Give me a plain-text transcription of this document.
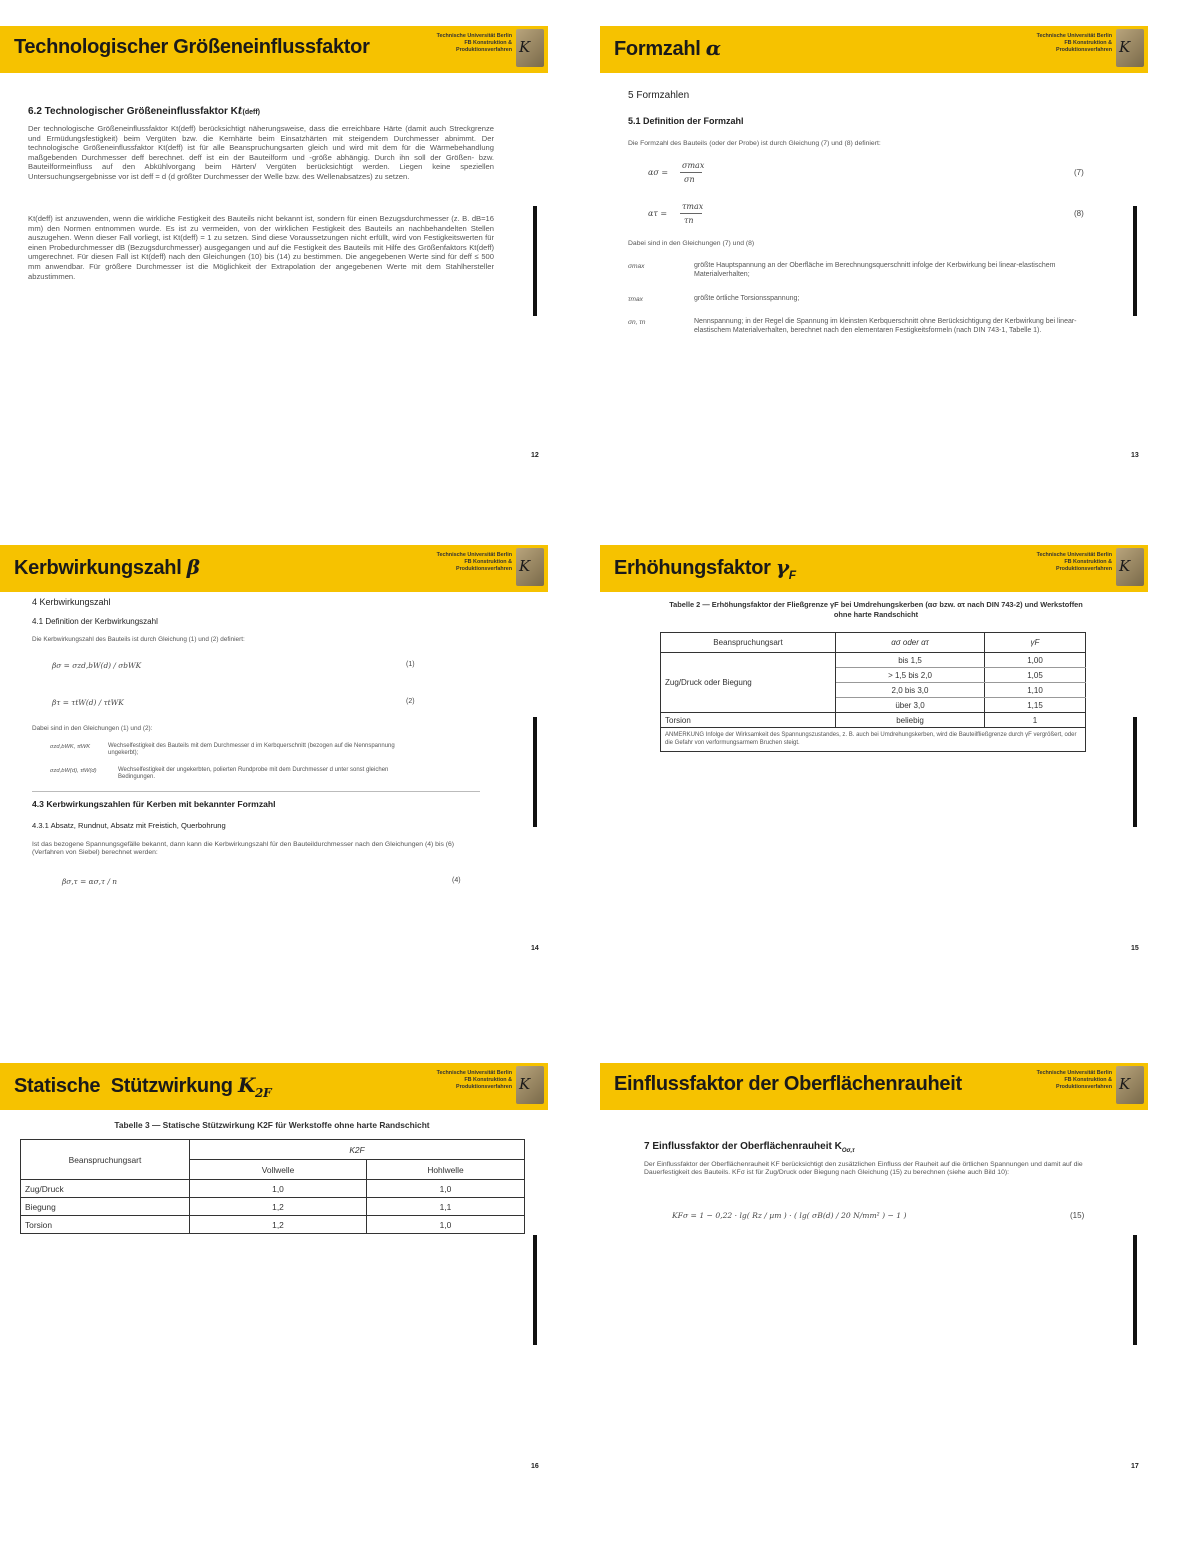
Technologischer Größeneinflussfaktor	Technische Universität Berlin
FB Konstruktion &
Produktionsverfahren K
6.2 Technologischer Größeneinflussfaktor Kt(deff)
Der technologische Größeneinflussfaktor Kt(deff) berücksichtigt näherungsweise, dass die erreichbare Härte (damit auch Streckgrenze und Ermüdungsfestigkeit) beim Vergüten bzw. die Kernhärte beim Einsatzhärten mit steigendem Durchmesser abnimmt. Der technologische Größeneinflussfaktor Kt(deff) ist für alle Beanspruchungsarten gleich und wird mit dem für die Wärmebehandlung maßgebenden Durchmesser deff berechnet. deff ist ein der Bauteilform und -größe abhängig. Durch ihn soll der Größen- bzw. Bauteilformeinfluss auf den Abkühlvorgang beim Härten/ Vergüten berücksichtigt werden. Liegen keine speziellen Untersuchungsergebnisse vor ist deff = d (d größter Durchmesser der Welle bzw. des Wellenabsatzes) zu setzen.
Kt(deff) ist anzuwenden, wenn die wirkliche Festigkeit des Bauteils nicht bekannt ist, sondern für einen Bezugsdurchmesser (z. B. dB=16 mm) den Normen entnommen wurde. Es ist zu vermeiden, von der wirklichen Festigkeit des Bauteils an nachbehandelten Stellen auszugehen. Wenn dieser Fall vorliegt, ist Kt(deff) = 1 zu setzen. Sind diese Voraussetzungen nicht erfüllt, wird von Festigkeitswerten für einen Probedurchmesser dB (Bezugsdurchmesser) ausgegangen und auf die Festigkeit des Bauteils mit Hilfe des Größenfaktors Kt(deff) umgerechnet. Für diesen Fall ist Kt(deff) nach den Gleichungen (10) bis (14) zu bestimmen. Die angegebenen Werte sind für deff ≤ 500 mm anwendbar. Für größere Durchmesser ist die Möglichkeit der Extrapolation der angegebenen Werte mit dem Stahlhersteller abzustimmen.
12
Formzahl α	Technische Universität Berlin
FB Konstruktion &
Produktionsverfahren K
5 Formzahlen
5.1 Definition der Formzahl
Die Formzahl des Bauteils (oder der Probe) ist durch Gleichung (7) und (8) definiert:
ασ =
σmax
σn
(7)
ατ =
τmax
τn
(8)
Dabei sind in den Gleichungen (7) und (8)
σmax	größte Hauptspannung an der Oberfläche im Berechnungsquerschnitt infolge der Kerbwirkung bei linear-elastischem Materialverhalten;
τmax	größte örtliche Torsionsspannung;
σn, τn	Nennspannung; in der Regel die Spannung im kleinsten Kerbquerschnitt ohne Berücksichtigung der Kerbwirkung bei linear-elastischem Materialverhalten, berechnet nach den elementaren Festigkeitsformeln (nach DIN 743-1, Tabelle 1).
13
Kerbwirkungszahl β	Technische Universität Berlin
FB Konstruktion &
Produktionsverfahren K
4 Kerbwirkungszahl
4.1 Definition der Kerbwirkungszahl
Die Kerbwirkungszahl des Bauteils ist durch Gleichung (1) und (2) definiert:
βσ = σzd,bW(d) / σbWK	(1)
βτ = τtW(d) / τtWK	(2)
Dabei sind in den Gleichungen (1) und (2):
σzd,bWK, τtWK	Wechselfestigkeit des Bauteils mit dem Durchmesser d im Kerbquerschnitt (bezogen auf die Nennspannung ungekerbt);
σzd,bW(d), τtW(d)	Wechselfestigkeit der ungekerbten, polierten Rundprobe mit dem Durchmesser d unter sonst gleichen Bedingungen.
4.3 Kerbwirkungszahlen für Kerben mit bekannter Formzahl
4.3.1 Absatz, Rundnut, Absatz mit Freistich, Querbohrung
Ist das bezogene Spannungsgefälle bekannt, dann kann die Kerbwirkungszahl für den Bauteildurchmesser nach den Gleichungen (4) bis (6) (Verfahren von Siebel) berechnet werden:
βσ,τ = ασ,τ / n	(4)
14
Erhöhungsfaktor $\gamma_F$
Technische Universität Berlin
FB Konstruktion &
Produktionsverfahren K
Tabelle 2 — Erhöhungsfaktor der Fließgrenze γF bei Umdrehungskerben (ασ bzw. ατ nach DIN 743-2) und Werkstoffen ohne harte Randschicht
Beanspruchungsart	ασ oder ατ	γF
Zug/Druck oder Biegung	bis 1,5	1,00
	> 1,5 bis 2,0	1,05
	2,0 bis 3,0	1,10
	über 3,0	1,15
Torsion	beliebig	1
ANMERKUNG Infolge der Wirksamkeit des Spannungszustandes, z. B. auch bei Umdrehungskerben, wird die Bauteilfließgrenze durch γF vergrößert, oder die Gefahr von verformungsarmem Bruchen steigt.		
15
Statische  Stützwirkung $K_{2F}$
Technische Universität Berlin
FB Konstruktion &
Produktionsverfahren K
Tabelle 3 — Statische Stützwirkung K2F für Werkstoffe ohne harte Randschicht
Beanspruchungsart	K2F	
	Vollwelle	Hohlwelle
Zug/Druck	1,0	1,0
Biegung	1,2	1,1
Torsion	1,2	1,0
16
Einflussfaktor der Oberflächenrauheit	Technische Universität Berlin
FB Konstruktion &
Produktionsverfahren K
7 Einflussfaktor der Oberflächenrauheit $K_{O\sigma,\tau}$
Der Einflussfaktor der Oberflächenrauheit KF berücksichtigt den zusätzlichen Einfluss der Rauheit auf die örtlichen Spannungen und damit auf die Dauerfestigkeit des Bauteils. KFσ ist für Zug/Druck oder Biegung nach Gleichung (15) zu berechnen (siehe auch Bild 10):
KFσ = 1 − 0,22 · lg( Rz / µm ) · ( lg( σB(d) / 20 N/mm² ) − 1 )	(15)
17
